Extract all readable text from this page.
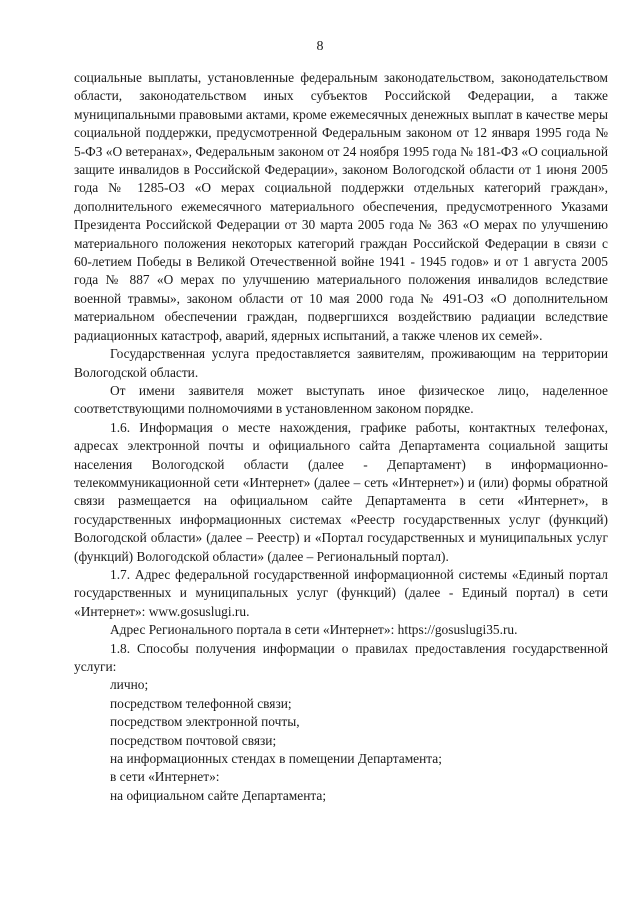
8

социальные выплаты, установленные федеральным законодательством, законодательством области, законодательством иных субъектов Российской Федерации, а также муниципальными правовыми актами, кроме ежемесячных денежных выплат в качестве меры социальной поддержки, предусмотренной Федеральным законом от 12 января 1995 года № 5-ФЗ «О ветеранах», Федеральным законом от 24 ноября 1995 года № 181-ФЗ «О социальной защите инвалидов в Российской Федерации», законом Вологодской области от 1 июня 2005 года № 1285-ОЗ «О мерах социальной поддержки отдельных категорий граждан», дополнительного ежемесячного материального обеспечения, предусмотренного Указами Президента Российской Федерации от 30 марта 2005 года № 363 «О мерах по улучшению материального положения некоторых категорий граждан Российской Федерации в связи с 60-летием Победы в Великой Отечественной войне 1941 - 1945 годов» и от 1 августа 2005 года № 887 «О мерах по улучшению материального положения инвалидов вследствие военной травмы», законом области от 10 мая 2000 года № 491-ОЗ «О дополнительном материальном обеспечении граждан, подвергшихся воздействию радиации вследствие радиационных катастроф, аварий, ядерных испытаний, а также членов их семей».

Государственная услуга предоставляется заявителям, проживающим на территории Вологодской области.

От имени заявителя может выступать иное физическое лицо, наделенное соответствующими полномочиями в установленном законом порядке.

1.6. Информация о месте нахождения, графике работы, контактных телефонах, адресах электронной почты и официального сайта Департамента социальной защиты населения Вологодской области (далее - Департамент) в информационно-телекоммуникационной сети «Интернет» (далее – сеть «Интернет») и (или) формы обратной связи размещается на официальном сайте Департамента в сети «Интернет», в государственных информационных системах «Реестр государственных услуг (функций) Вологодской области» (далее – Реестр) и «Портал государственных и муниципальных услуг (функций) Вологодской области» (далее – Региональный портал).

1.7. Адрес федеральной государственной информационной системы «Единый портал государственных и муниципальных услуг (функций) (далее - Единый портал) в сети «Интернет»: www.gosuslugi.ru.

Адрес Регионального портала в сети «Интернет»: https://gosuslugi35.ru.

1.8. Способы получения информации о правилах предоставления государственной услуги:

лично;

посредством телефонной связи;

посредством электронной почты,

посредством почтовой связи;

на информационных стендах в помещении Департамента;

в сети «Интернет»:

на официальном сайте Департамента;
